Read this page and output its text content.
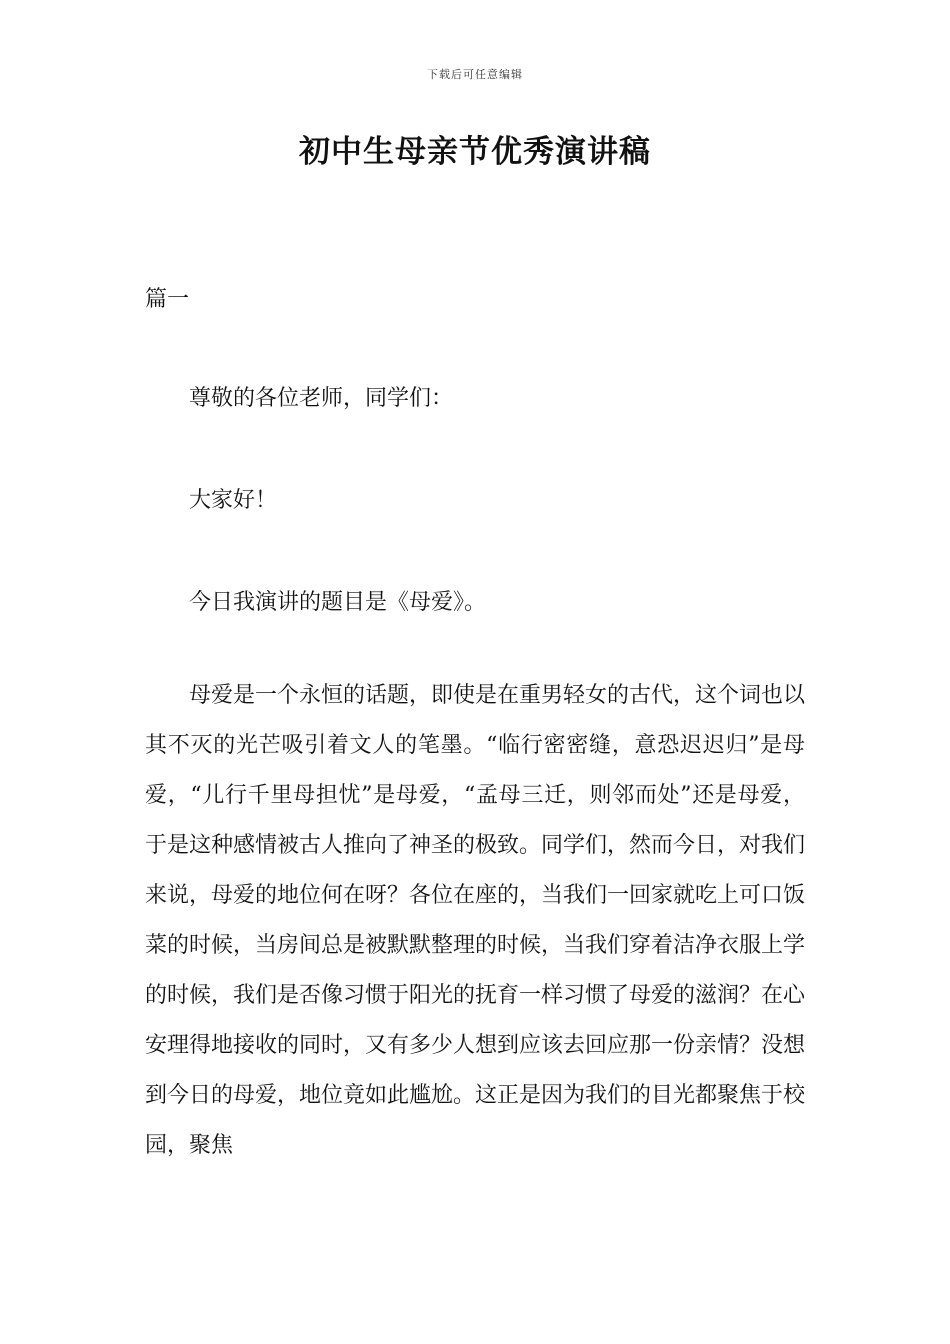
下载后可任意编辑
初中生母亲节优秀演讲稿
篇一

尊敬的各位老师，同学们：

大家好！

今日我演讲的题目是《母爱》。

母爱是一个永恒的话题，即使是在重男轻女的古代，这个词也以其不灭的光芒吸引着文人的笔墨。“临行密密缝，意恐迟迟归”是母爱，“儿行千里母担忧”是母爱，“孟母三迁，则邻而处”还是母爱，于是这种感情被古人推向了神圣的极致。同学们，然而今日，对我们来说，母爱的地位何在呀？各位在座的，当我们一回家就吃上可口饭菜的时候，当房间总是被默默整理的时候，当我们穿着洁净衣服上学的时候，我们是否像习惯于阳光的抚育一样习惯了母爱的滋润？在心安理得地接收的同时，又有多少人想到应该去回应那一份亲情？没想到今日的母爱，地位竟如此尴尬。这正是因为我们的目光都聚焦于校园，聚焦
